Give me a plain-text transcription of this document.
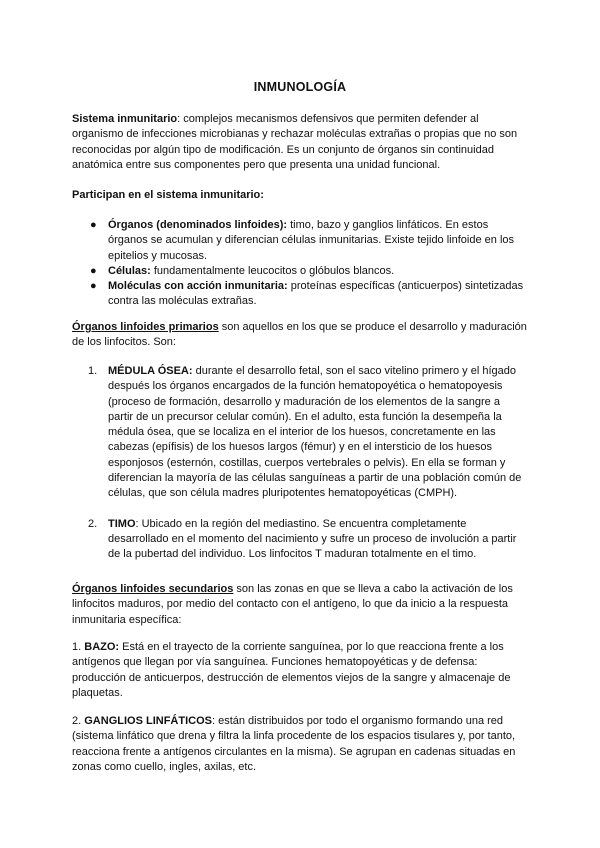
INMUNOLOGÍA

Sistema inmunitario: complejos mecanismos defensivos que permiten defender al organismo de infecciones microbianas y rechazar moléculas extrañas o propias que no son reconocidas por algún tipo de modificación. Es un conjunto de órganos sin continuidad anatómica entre sus componentes pero que presenta una unidad funcional.

Participan en el sistema inmunitario:

● Órganos (denominados linfoides): timo, bazo y ganglios linfáticos. En estos órganos se acumulan y diferencian células inmunitarias. Existe tejido linfoide en los epitelios y mucosas.
● Células: fundamentalmente leucocitos o glóbulos blancos.
● Moléculas con acción inmunitaria: proteínas específicas (anticuerpos) sintetizadas contra las moléculas extrañas.

Órganos linfoides primarios son aquellos en los que se produce el desarrollo y maduración de los linfocitos. Son:

1. MÉDULA ÓSEA: durante el desarrollo fetal, son el saco vitelino primero y el hígado después los órganos encargados de la función hematopoyética o hematopoyesis (proceso de formación, desarrollo y maduración de los elementos de la sangre a partir de un precursor celular común). En el adulto, esta función la desempeña la médula ósea, que se localiza en el interior de los huesos, concretamente en las cabezas (epífisis) de los huesos largos (fémur) y en el intersticio de los huesos esponjosos (esternón, costillas, cuerpos vertebrales o pelvis). En ella se forman y diferencian la mayoría de las células sanguíneas a partir de una población común de células, que son célula madres pluripotentes hematopoyéticas (CMPH).
2. TIMO: Ubicado en la región del mediastino. Se encuentra completamente desarrollado en el momento del nacimiento y sufre un proceso de involución a partir de la pubertad del individuo. Los linfocitos T maduran totalmente en el timo.

Órganos linfoides secundarios son las zonas en que se lleva a cabo la activación de los linfocitos maduros, por medio del contacto con el antígeno, lo que da inicio a la respuesta inmunitaria específica:

1. BAZO: Está en el trayecto de la corriente sanguínea, por lo que reacciona frente a los antígenos que llegan por vía sanguínea. Funciones hematopoyéticas y de defensa: producción de anticuerpos, destrucción de elementos viejos de la sangre y almacenaje de plaquetas.

2. GANGLIOS LINFÁTICOS: están distribuidos por todo el organismo formando una red (sistema linfático que drena y filtra la linfa procedente de los espacios tisulares y, por tanto, reacciona frente a antígenos circulantes en la misma). Se agrupan en cadenas situadas en zonas como cuello, ingles, axilas, etc.
